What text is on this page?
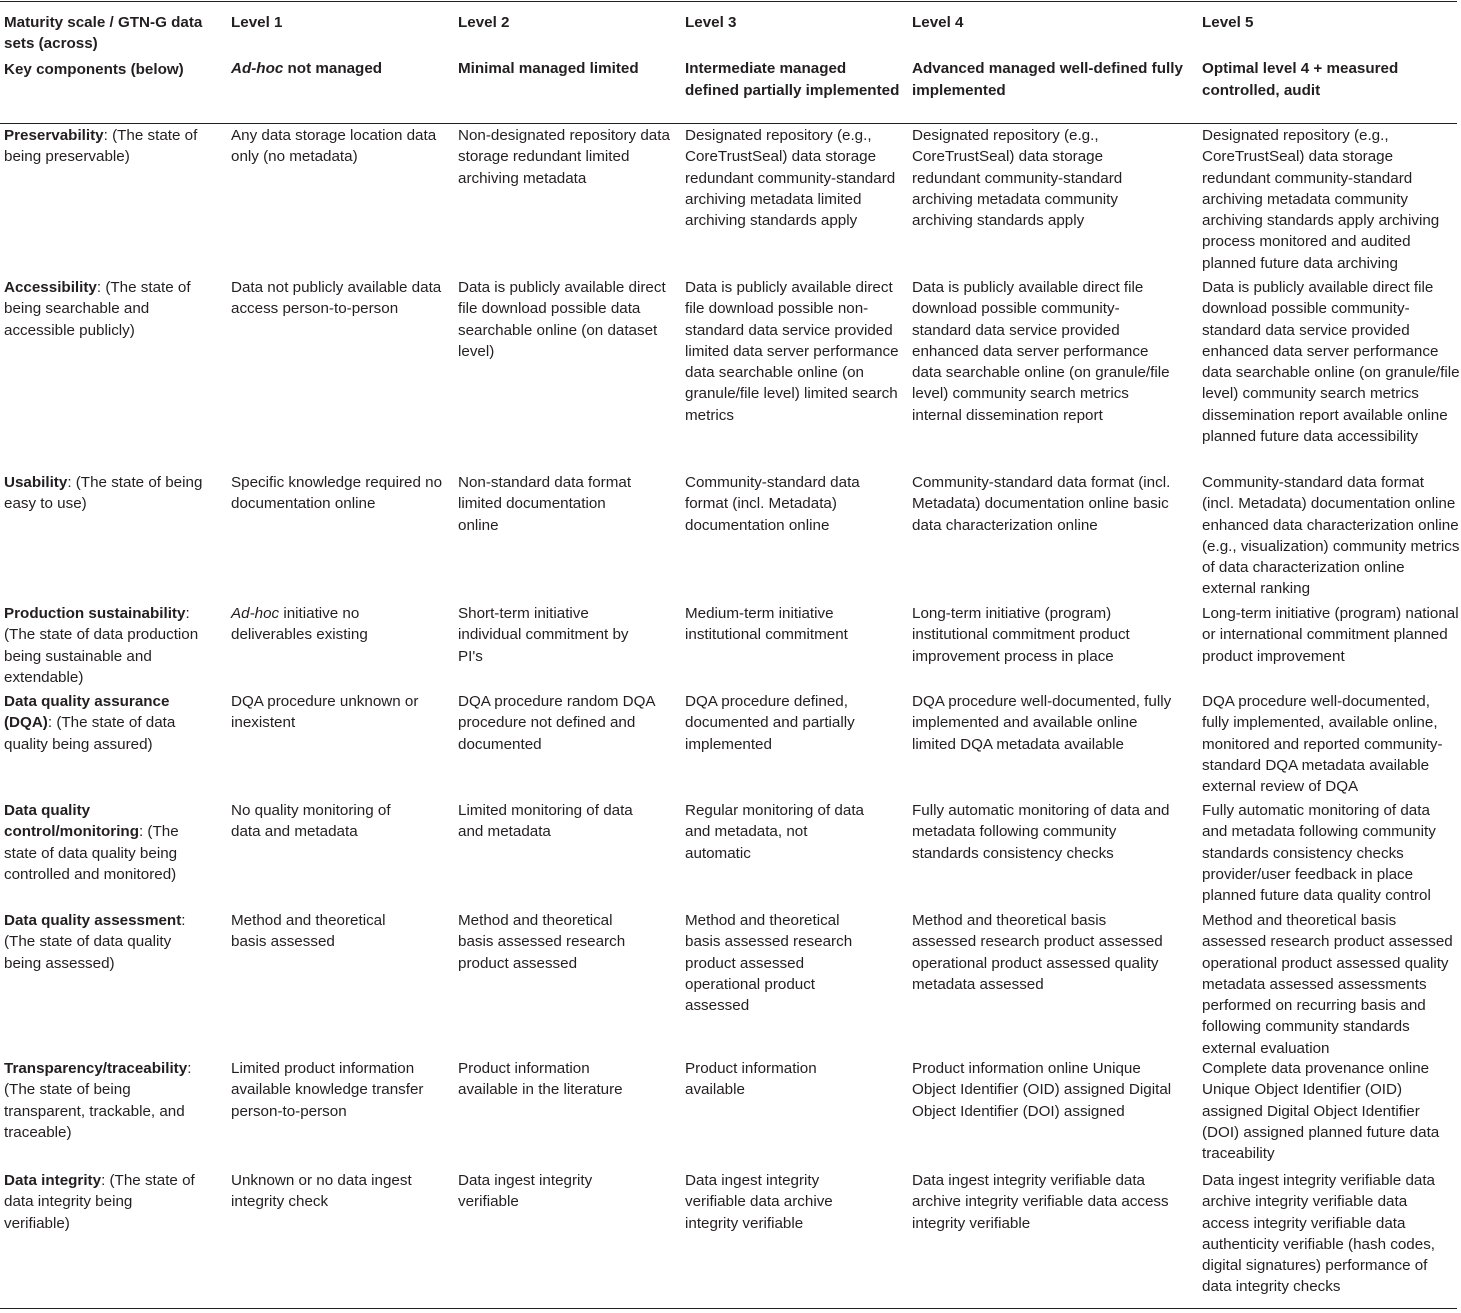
Maturity scale / GTN-G data sets (across)
Key components (below)
Level 1
Ad-hoc not managed
Level 2
Minimal managed limited
Level 3
Intermediate managed defined partially implemented
Level 4
Advanced managed well-defined fully implemented
Level 5
Optimal level 4 + measured controlled, audit
Preservability: (The state of being preservable)
Any data storage location data only (no metadata)
Non-designated repository data storage redundant limited archiving metadata
Designated repository (e.g., CoreTrustSeal) data storage redundant community-standard archiving metadata limited archiving standards apply
Designated repository (e.g., CoreTrustSeal) data storage redundant community-standard archiving metadata community archiving standards apply
Designated repository (e.g., CoreTrustSeal) data storage redundant community-standard archiving metadata community archiving standards apply archiving process monitored and audited planned future data archiving
Accessibility: (The state of being searchable and accessible publicly)
Data not publicly available data access person-to-person
Data is publicly available direct file download possible data searchable online (on dataset level)
Data is publicly available direct file download possible non-standard data service provided limited data server performance data searchable online (on granule/file level) limited search metrics
Data is publicly available direct file download possible community-standard data service provided enhanced data server performance data searchable online (on granule/file level) community search metrics internal dissemination report
Data is publicly available direct file download possible community-standard data service provided enhanced data server performance data searchable online (on granule/file level) community search metrics dissemination report available online planned future data accessibility
Usability: (The state of being easy to use)
Specific knowledge required no documentation online
Non-standard data format limited documentation online
Community-standard data format (incl. Metadata) documentation online
Community-standard data format (incl. Metadata) documentation online basic data characterization online
Community-standard data format (incl. Metadata) documentation online enhanced data characterization online (e.g., visualization) community metrics of data characterization online external ranking
Production sustainability: (The state of data production being sustainable and extendable)
Ad-hoc initiative no deliverables existing
Short-term initiative individual commitment by PI's
Medium-term initiative institutional commitment
Long-term initiative (program) institutional commitment product improvement process in place
Long-term initiative (program) national or international commitment planned product improvement
Data quality assurance (DQA): (The state of data quality being assured)
DQA procedure unknown or inexistent
DQA procedure random DQA procedure not defined and documented
DQA procedure defined, documented and partially implemented
DQA procedure well-documented, fully implemented and available online limited DQA metadata available
DQA procedure well-documented, fully implemented, available online, monitored and reported community-standard DQA metadata available external review of DQA
Data quality control/monitoring: (The state of data quality being controlled and monitored)
No quality monitoring of data and metadata
Limited monitoring of data and metadata
Regular monitoring of data and metadata, not automatic
Fully automatic monitoring of data and metadata following community standards consistency checks
Fully automatic monitoring of data and metadata following community standards consistency checks provider/user feedback in place planned future data quality control
Data quality assessment: (The state of data quality being assessed)
Method and theoretical basis assessed
Method and theoretical basis assessed research product assessed
Method and theoretical basis assessed research product assessed operational product assessed
Method and theoretical basis assessed research product assessed operational product assessed quality metadata assessed
Method and theoretical basis assessed research product assessed operational product assessed quality metadata assessed assessments performed on recurring basis and following community standards external evaluation
Transparency/traceability: (The state of being transparent, trackable, and traceable)
Limited product information available knowledge transfer person-to-person
Product information available in the literature
Product information available
Product information online Unique Object Identifier (OID) assigned Digital Object Identifier (DOI) assigned
Complete data provenance online Unique Object Identifier (OID) assigned Digital Object Identifier (DOI) assigned planned future data traceability
Data integrity: (The state of data integrity being verifiable)
Unknown or no data ingest integrity check
Data ingest integrity verifiable
Data ingest integrity verifiable data archive integrity verifiable
Data ingest integrity verifiable data archive integrity verifiable data access integrity verifiable
Data ingest integrity verifiable data archive integrity verifiable data access integrity verifiable data authenticity verifiable (hash codes, digital signatures) performance of data integrity checks
